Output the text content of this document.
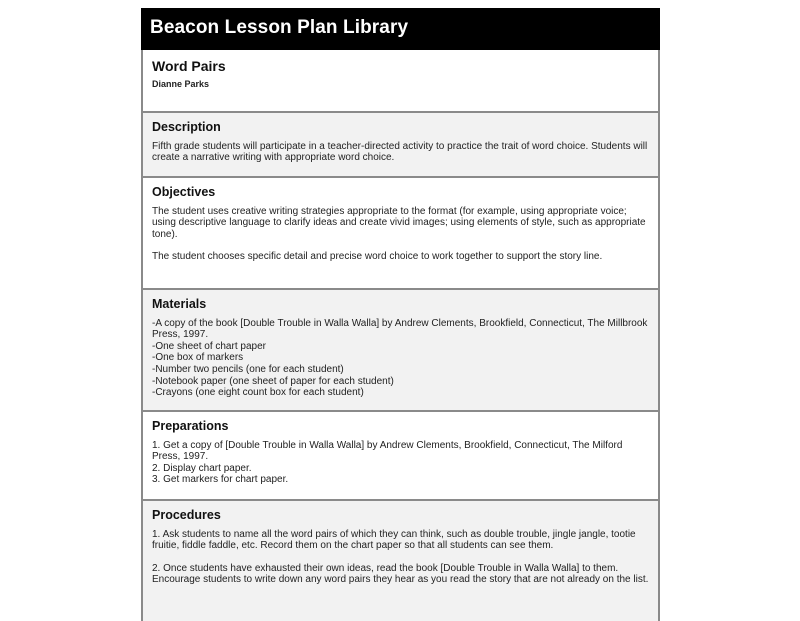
Beacon Lesson Plan Library
Word Pairs
Dianne Parks
Description

Fifth grade students will participate in a teacher-directed activity to practice the trait of word choice. Students will create a narrative writing with appropriate word choice.

Objectives

The student uses creative writing strategies appropriate to the format (for example, using appropriate voice; using descriptive language to clarify ideas and create vivid images; using elements of style, such as appropriate tone).

The student chooses specific detail and precise word choice to work together to support the story line.

Materials
-A copy of the book [Double Trouble in Walla Walla] by Andrew Clements, Brookfield, Connecticut, The Millbrook Press, 1997.
-One sheet of chart paper
-One box of markers
-Number two pencils (one for each student)
-Notebook paper (one sheet of paper for each student)
-Crayons (one eight count box for each student)
Preparations
1. Get a copy of [Double Trouble in Walla Walla] by Andrew Clements, Brookfield, Connecticut, The Milford Press, 1997.
2. Display chart paper.
3. Get markers for chart paper.
Procedures

1. Ask students to name all the word pairs of which they can think, such as double trouble, jingle jangle, tootie fruitie, fiddle faddle, etc. Record them on the chart paper so that all students can see them.

2. Once students have exhausted their own ideas, read the book [Double Trouble in Walla Walla] to them. Encourage students to write down any word pairs they hear as you read the story that are not already on the list.
